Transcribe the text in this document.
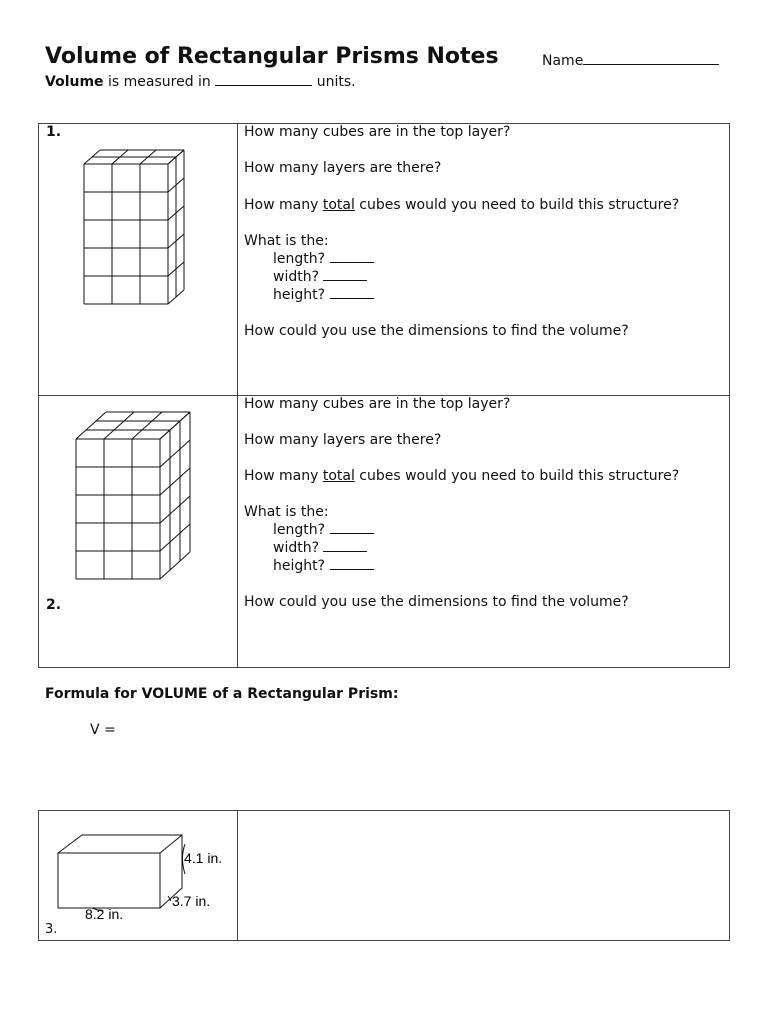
Volume of Rectangular Prisms Notes	Name
Volume is measured in	units.
1.	How many cubes are in the top layer?
How many layers are there?
How many total cubes would you need to build this structure?
What is the:
length?
width?
height?
How could you use the dimensions to find the volume?
2.
How many cubes are in the top layer?
How many layers are there?
How many total cubes would you need to build this structure?
What is the:
length?
width?
height?
How could you use the dimensions to find the volume?
Formula for VOLUME of a Rectangular Prism:
V =
4.1 in.
3.7 in.
8.2 in.
3.
